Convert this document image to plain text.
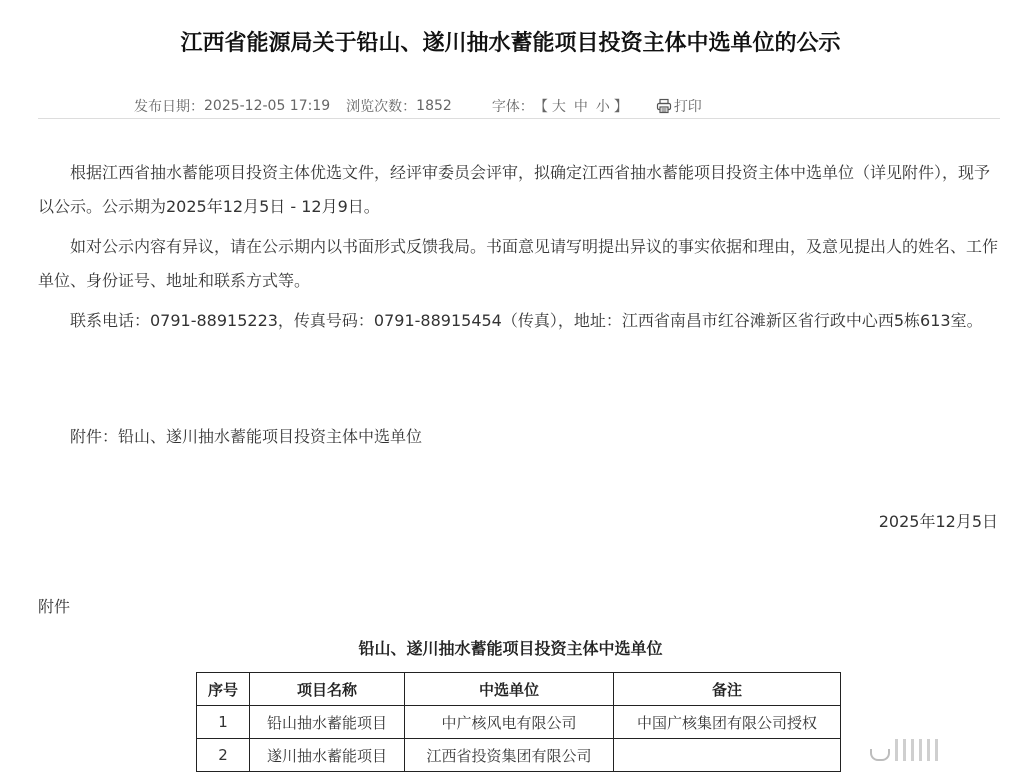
江西省能源局关于铅山、遂川抽水蓄能项目投资主体中选单位的公示
发布日期： 2025-12-05 17:19 浏览次数： 1852	字体： 【 大 中 小 】	打印

根据江西省抽水蓄能项目投资主体优选文件，经评审委员会评审，拟确定江西省抽水蓄能项目投资主体中选单位（详见附件），现予以公示。公示期为2025年12月5日 - 12月9日。

如对公示内容有异议，请在公示期内以书面形式反馈我局。书面意见请写明提出异议的事实依据和理由，及意见提出人的姓名、工作单位、身份证号、地址和联系方式等。

联系电话：0791-88915223，传真号码：0791-88915454（传真），地址：江西省南昌市红谷滩新区省行政中心西5栋613室。

附件：铅山、遂川抽水蓄能项目投资主体中选单位
2025年12月5日
附件
铅山、遂川抽水蓄能项目投资主体中选单位
序号	项目名称	中选单位	备注
1	铅山抽水蓄能项目	中广核风电有限公司	中国广核集团有限公司授权
2	遂川抽水蓄能项目	江西省投资集团有限公司	
